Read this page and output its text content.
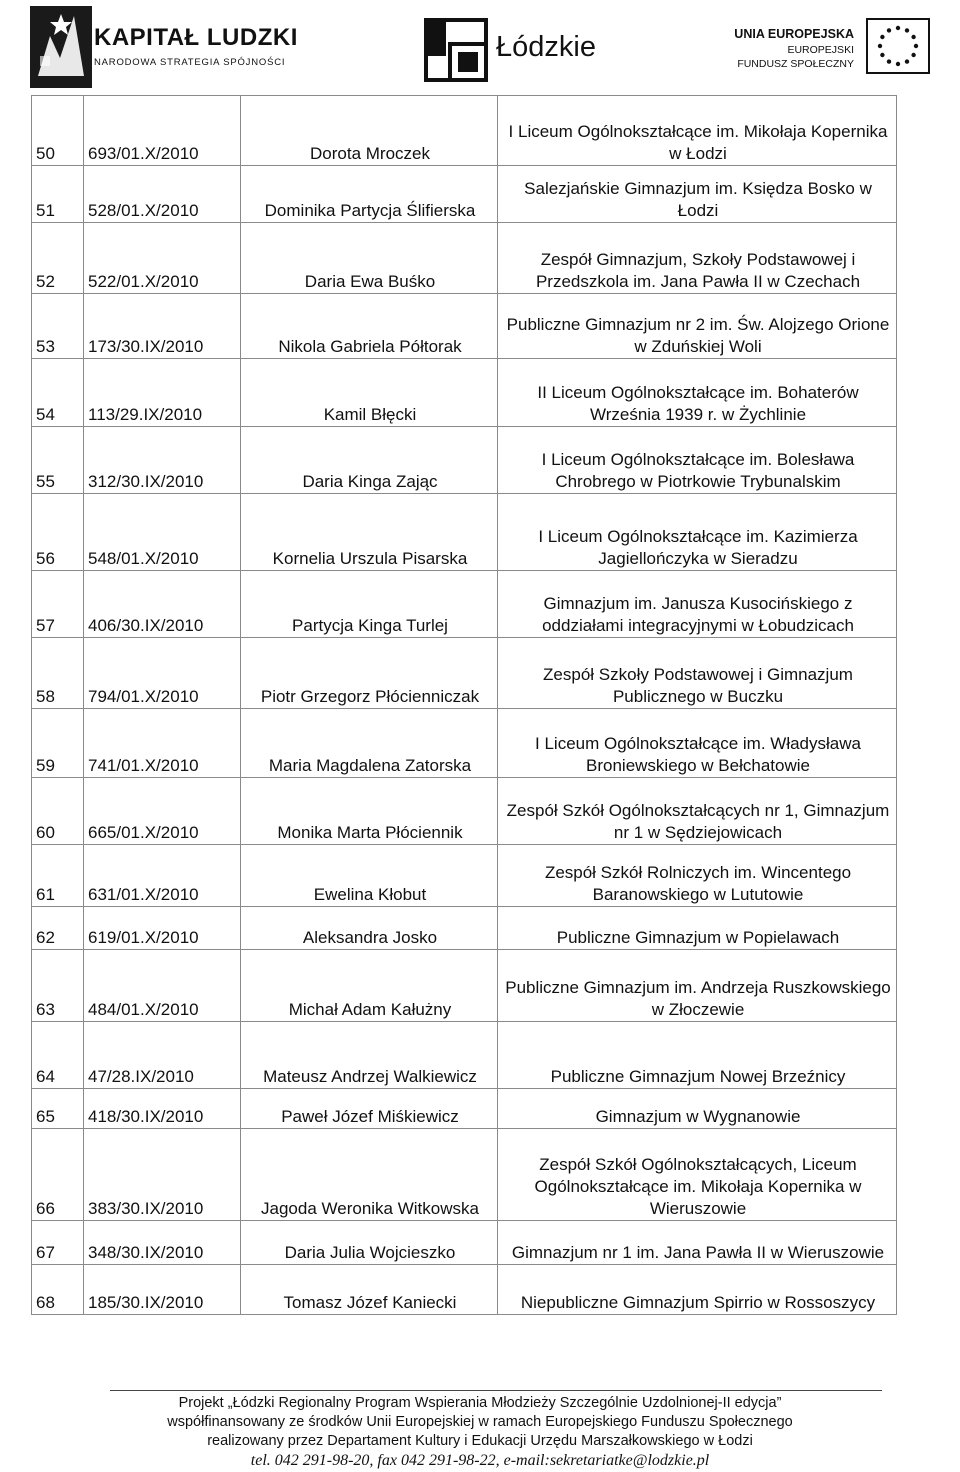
KAPITAŁ LUDZKI
NARODOWA STRATEGIA SPÓJNOŚCI	Łódzkie	UNIA EUROPEJSKA
EUROPEJSKI
FUNDUSZ SPOŁECZNY
50	693/01.X/2010	Dorota Mroczek	I Liceum Ogólnokształcące im. Mikołaja Kopernika w Łodzi
51	528/01.X/2010	Dominika Partycja Ślifierska	Salezjańskie Gimnazjum im. Księdza Bosko w Łodzi
52	522/01.X/2010	Daria Ewa Buśko	Zespół Gimnazjum, Szkoły Podstawowej i Przedszkola im. Jana Pawła II w Czechach
53	173/30.IX/2010	Nikola Gabriela Półtorak	Publiczne Gimnazjum nr 2 im. Św. Alojzego Orione w Zduńskiej Woli
54	113/29.IX/2010	Kamil Błęcki	II Liceum Ogólnokształcące im. Bohaterów Września 1939 r. w Żychlinie
55	312/30.IX/2010	Daria Kinga Zając	I Liceum Ogólnokształcące im. Bolesława Chrobrego w Piotrkowie Trybunalskim
56	548/01.X/2010	Kornelia Urszula Pisarska	I Liceum Ogólnokształcące im. Kazimierza Jagiellończyka w Sieradzu
57	406/30.IX/2010	Partycja Kinga Turlej	Gimnazjum im. Janusza Kusocińskiego z oddziałami integracyjnymi w Łobudzicach
58	794/01.X/2010	Piotr Grzegorz Płócienniczak	Zespół Szkoły Podstawowej i Gimnazjum Publicznego w Buczku
59	741/01.X/2010	Maria Magdalena Zatorska	I Liceum Ogólnokształcące im. Władysława Broniewskiego w Bełchatowie
60	665/01.X/2010	Monika Marta Płóciennik	Zespół Szkół Ogólnokształcących nr 1, Gimnazjum nr 1 w Sędziejowicach
61	631/01.X/2010	Ewelina Kłobut	Zespół Szkół Rolniczych im. Wincentego Baranowskiego w Lututowie
62	619/01.X/2010	Aleksandra Josko	Publiczne Gimnazjum w Popielawach
63	484/01.X/2010	Michał Adam Kałużny	Publiczne Gimnazjum im. Andrzeja Ruszkowskiego w Złoczewie
64	47/28.IX/2010	Mateusz Andrzej Walkiewicz	Publiczne Gimnazjum Nowej Brzeźnicy
65	418/30.IX/2010	Paweł Józef Miśkiewicz	Gimnazjum w Wygnanowie
66	383/30.IX/2010	Jagoda Weronika Witkowska	Zespół Szkół Ogólnokształcących, Liceum Ogólnokształcące im. Mikołaja Kopernika w Wieruszowie
67	348/30.IX/2010	Daria Julia Wojcieszko	Gimnazjum nr 1 im. Jana Pawła II w Wieruszowie
68	185/30.IX/2010	Tomasz Józef Kaniecki	Niepubliczne Gimnazjum Spirrio w Rossoszycy
Projekt „Łódzki Regionalny Program Wspierania Młodzieży Szczególnie Uzdolnionej-II edycja”
współfinansowany ze środków Unii Europejskiej w ramach Europejskiego Funduszu Społecznego
realizowany przez Departament Kultury i Edukacji Urzędu Marszałkowskiego w Łodzi
tel. 042 291-98-20, fax 042 291-98-22, e-mail:sekretariatke@lodzkie.pl
